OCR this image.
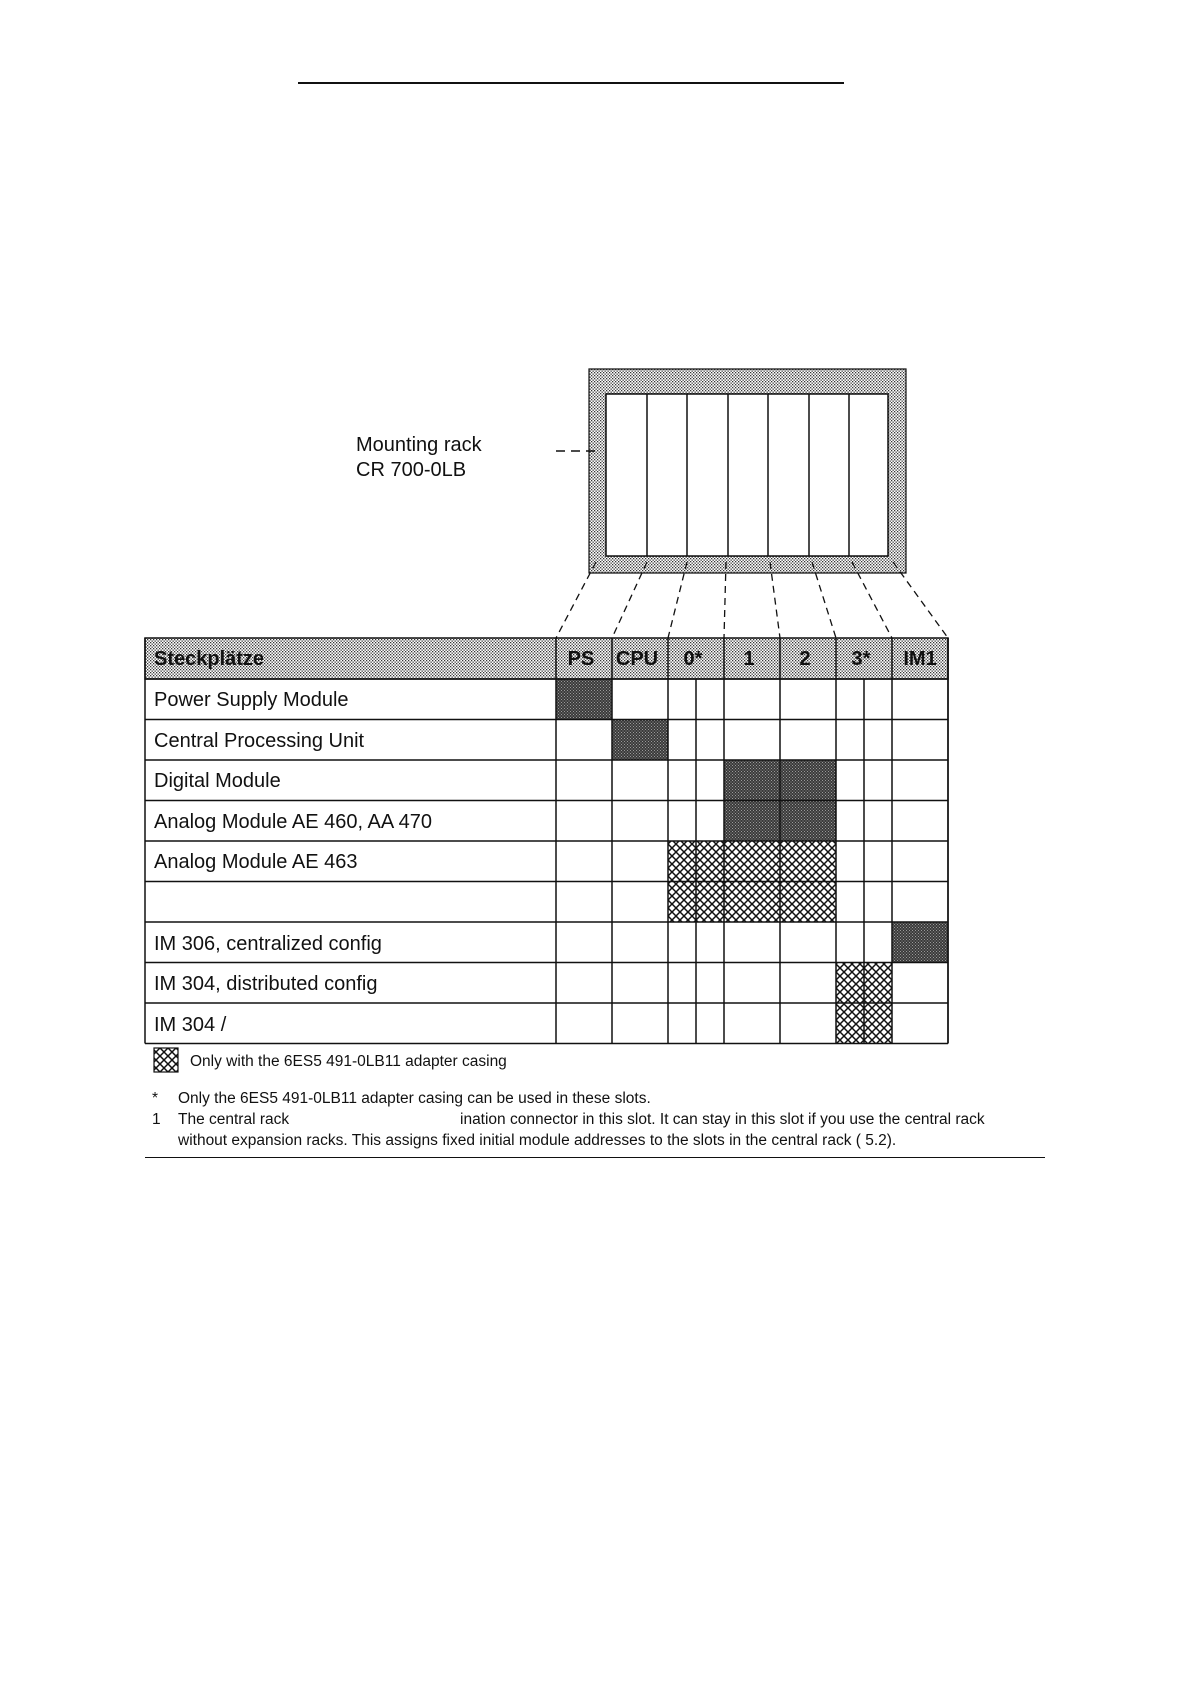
Mounting rack
CR 700-0LB
Steckplätze	PS CPU 0* 1 2 3* IM1
Power Supply Module
Central Processing Unit
Digital Module
Analog Module AE 460, AA 470
Analog Module AE 463
IM 306, centralized config
IM 304, distributed config
IM 304 /
Only with the 6ES5 491-0LB11 adapter casing
* Only the 6ES5 491-0LB11 adapter casing can be used in these slots.
1 The central rack	ination connector in this slot. It can stay in this slot if you use the central rack
without expansion racks. This assigns fixed initial module addresses to the slots in the central rack ( 5.2).
